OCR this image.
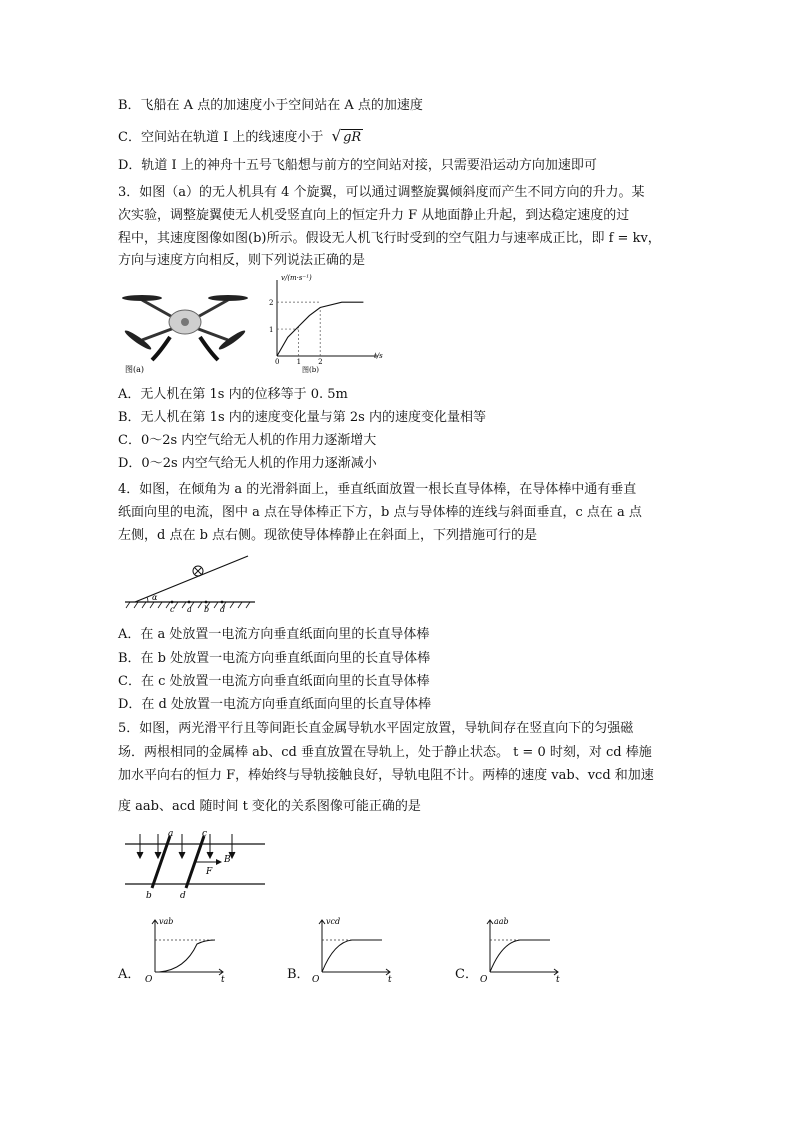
B．飞船在 A 点的加速度小于空间站在 A 点的加速度
C．空间站在轨道 I 上的线速度小于 √ gR
D．轨道 I 上的神舟十五号飞船想与前方的空间站对接，只需要沿运动方向加速即可
3．如图（a）的无人机具有 4 个旋翼，可以通过调整旋翼倾斜度而产生不同方向的升力。某
次实验，调整旋翼使无人机受竖直向上的恒定升力 F 从地面静止升起，到达稳定速度的过
程中，其速度图像如图(b)所示。假设无人机飞行时受到的空气阻力与速率成正比，即 f = kv，
方向与速度方向相反，则下列说法正确的是
图(a)
v/(m·s⁻¹)
t/s
0 1 2
1
2
图(b)
A．无人机在第 1s 内的位移等于 0. 5m
B．无人机在第 1s 内的速度变化量与第 2s 内的速度变化量相等
C．0～2s 内空气给无人机的作用力逐渐增大
D．0～2s 内空气给无人机的作用力逐渐减小
4．如图，在倾角为 a 的光滑斜面上，垂直纸面放置一根长直导体棒，在导体棒中通有垂直
纸面向里的电流，图中 a 点在导体棒正下方，b 点与导体棒的连线与斜面垂直，c 点在 a 点
左侧，d 点在 b 点右侧。现欲使导体棒静止在斜面上，下列措施可行的是
α
c a b d
A．在 a 处放置一电流方向垂直纸面向里的长直导体棒
B．在 b 处放置一电流方向垂直纸面向里的长直导体棒
C．在 c 处放置一电流方向垂直纸面向里的长直导体棒
D．在 d 处放置一电流方向垂直纸面向里的长直导体棒
5．如图，两光滑平行且等间距长直金属导轨水平固定放置，导轨间存在竖直向下的匀强磁
场．两根相同的金属棒 ab、cd 垂直放置在导轨上，处于静止状态。 t = 0 时刻，对 cd 棒施
加水平向右的恒力 F，棒始终与导轨接触良好，导轨电阻不计。两棒的速度 vab、vcd 和加速
度 aab、acd 随时间 t 变化的关系图像可能正确的是
a	c
b	d
F
B
vab
t
O
vcd
t
O
aab
t
O
A．	B．	C．
